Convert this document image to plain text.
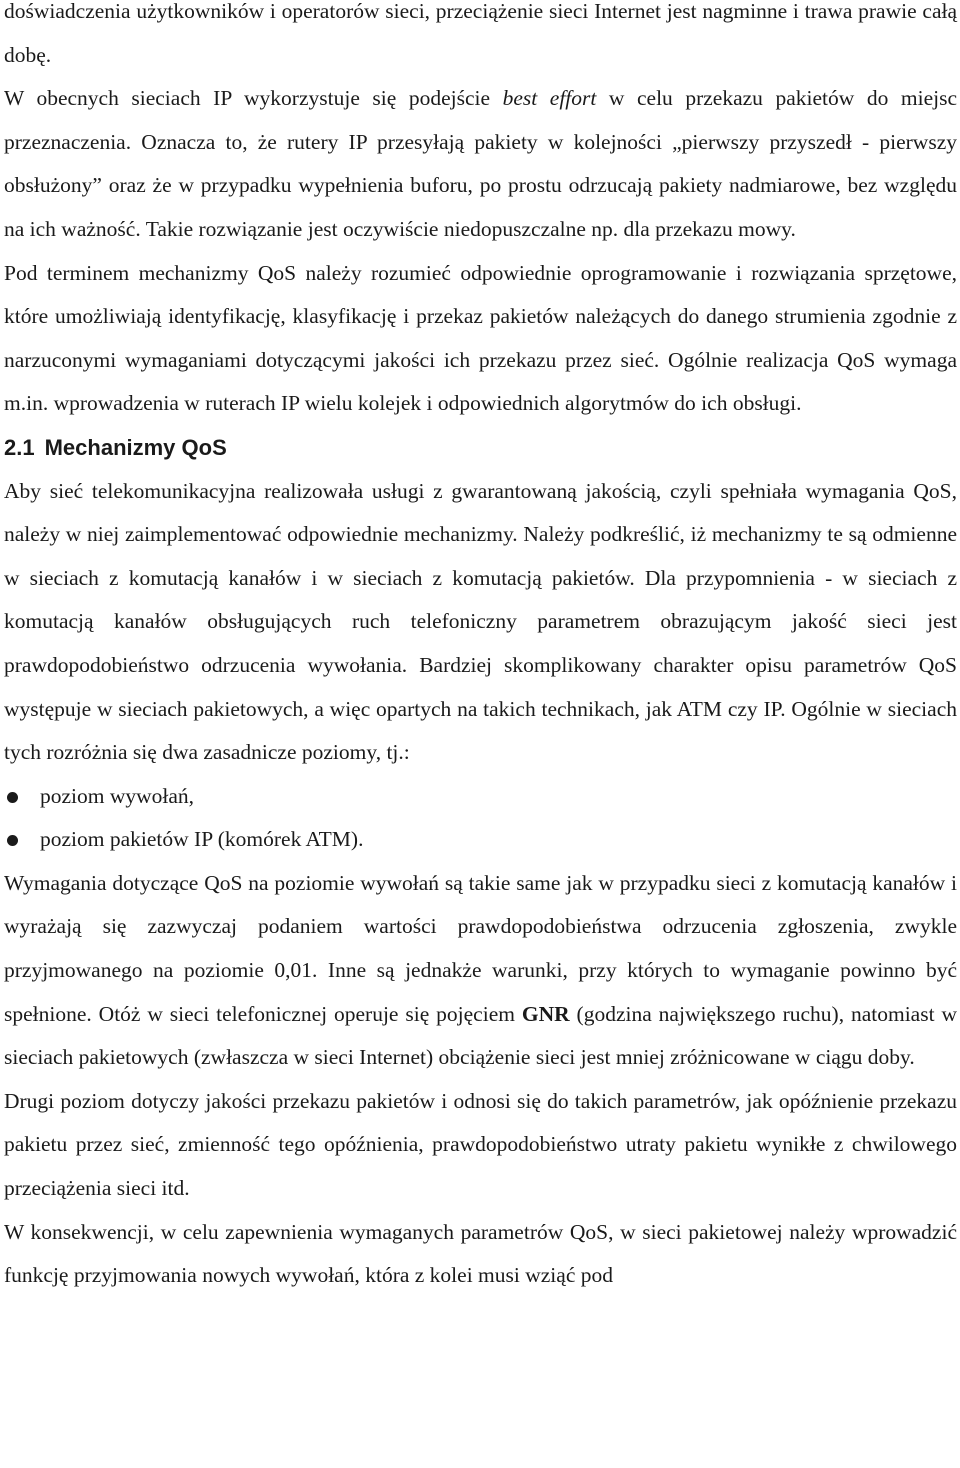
doświadczenia użytkowników i operatorów sieci, przeciążenie sieci Internet jest nagminne i trawa prawie całą dobę.

W obecnych sieciach IP wykorzystuje się podejście best effort w celu przekazu pakietów do miejsc przeznaczenia. Oznacza to, że rutery IP przesyłają pakiety w kolejności „pierwszy przyszedł - pierwszy obsłużony” oraz że w przypadku wypełnienia buforu, po prostu odrzucają pakiety nadmiarowe, bez względu na ich ważność. Takie rozwiązanie jest oczywiście niedopuszczalne np. dla przekazu mowy.

Pod terminem mechanizmy QoS należy rozumieć odpowiednie oprogramowanie i rozwiązania sprzętowe, które umożliwiają identyfikację, klasyfikację i przekaz pakietów należących do danego strumienia zgodnie z narzuconymi wymaganiami dotyczącymi jakości ich przekazu przez sieć. Ogólnie realizacja QoS wymaga m.in. wprowadzenia w ruterach IP wielu kolejek i odpowiednich algorytmów do ich obsługi.

2.1 Mechanizmy QoS

Aby sieć telekomunikacyjna realizowała usługi z gwarantowaną jakością, czyli spełniała wymagania QoS, należy w niej zaimplementować odpowiednie mechanizmy. Należy podkreślić, iż mechanizmy te są odmienne w sieciach z komutacją kanałów i w sieciach z komutacją pakietów. Dla przypomnienia - w sieciach z komutacją kanałów obsługujących ruch telefoniczny parametrem obrazującym jakość sieci jest prawdopodobieństwo odrzucenia wywołania. Bardziej skomplikowany charakter opisu parametrów QoS występuje w sieciach pakietowych, a więc opartych na takich technikach, jak ATM czy IP. Ogólnie w sieciach tych rozróżnia się dwa zasadnicze poziomy, tj.:

poziom wywołań,
poziom pakietów IP (komórek ATM).

Wymagania dotyczące QoS na poziomie wywołań są takie same jak w przypadku sieci z komutacją kanałów i wyrażają się zazwyczaj podaniem wartości prawdopodobieństwa odrzucenia zgłoszenia, zwykle przyjmowanego na poziomie 0,01. Inne są jednakże warunki, przy których to wymaganie powinno być spełnione. Otóż w sieci telefonicznej operuje się pojęciem GNR (godzina największego ruchu), natomiast w sieciach pakietowych (zwłaszcza w sieci Internet) obciążenie sieci jest mniej zróżnicowane w ciągu doby.

Drugi poziom dotyczy jakości przekazu pakietów i odnosi się do takich parametrów, jak opóźnienie przekazu pakietu przez sieć, zmienność tego opóźnienia, prawdopodobieństwo utraty pakietu wynikłe z chwilowego przeciążenia sieci itd.

W konsekwencji, w celu zapewnienia wymaganych parametrów QoS, w sieci pakietowej należy wprowadzić funkcję przyjmowania nowych wywołań, która z kolei musi wziąć pod
